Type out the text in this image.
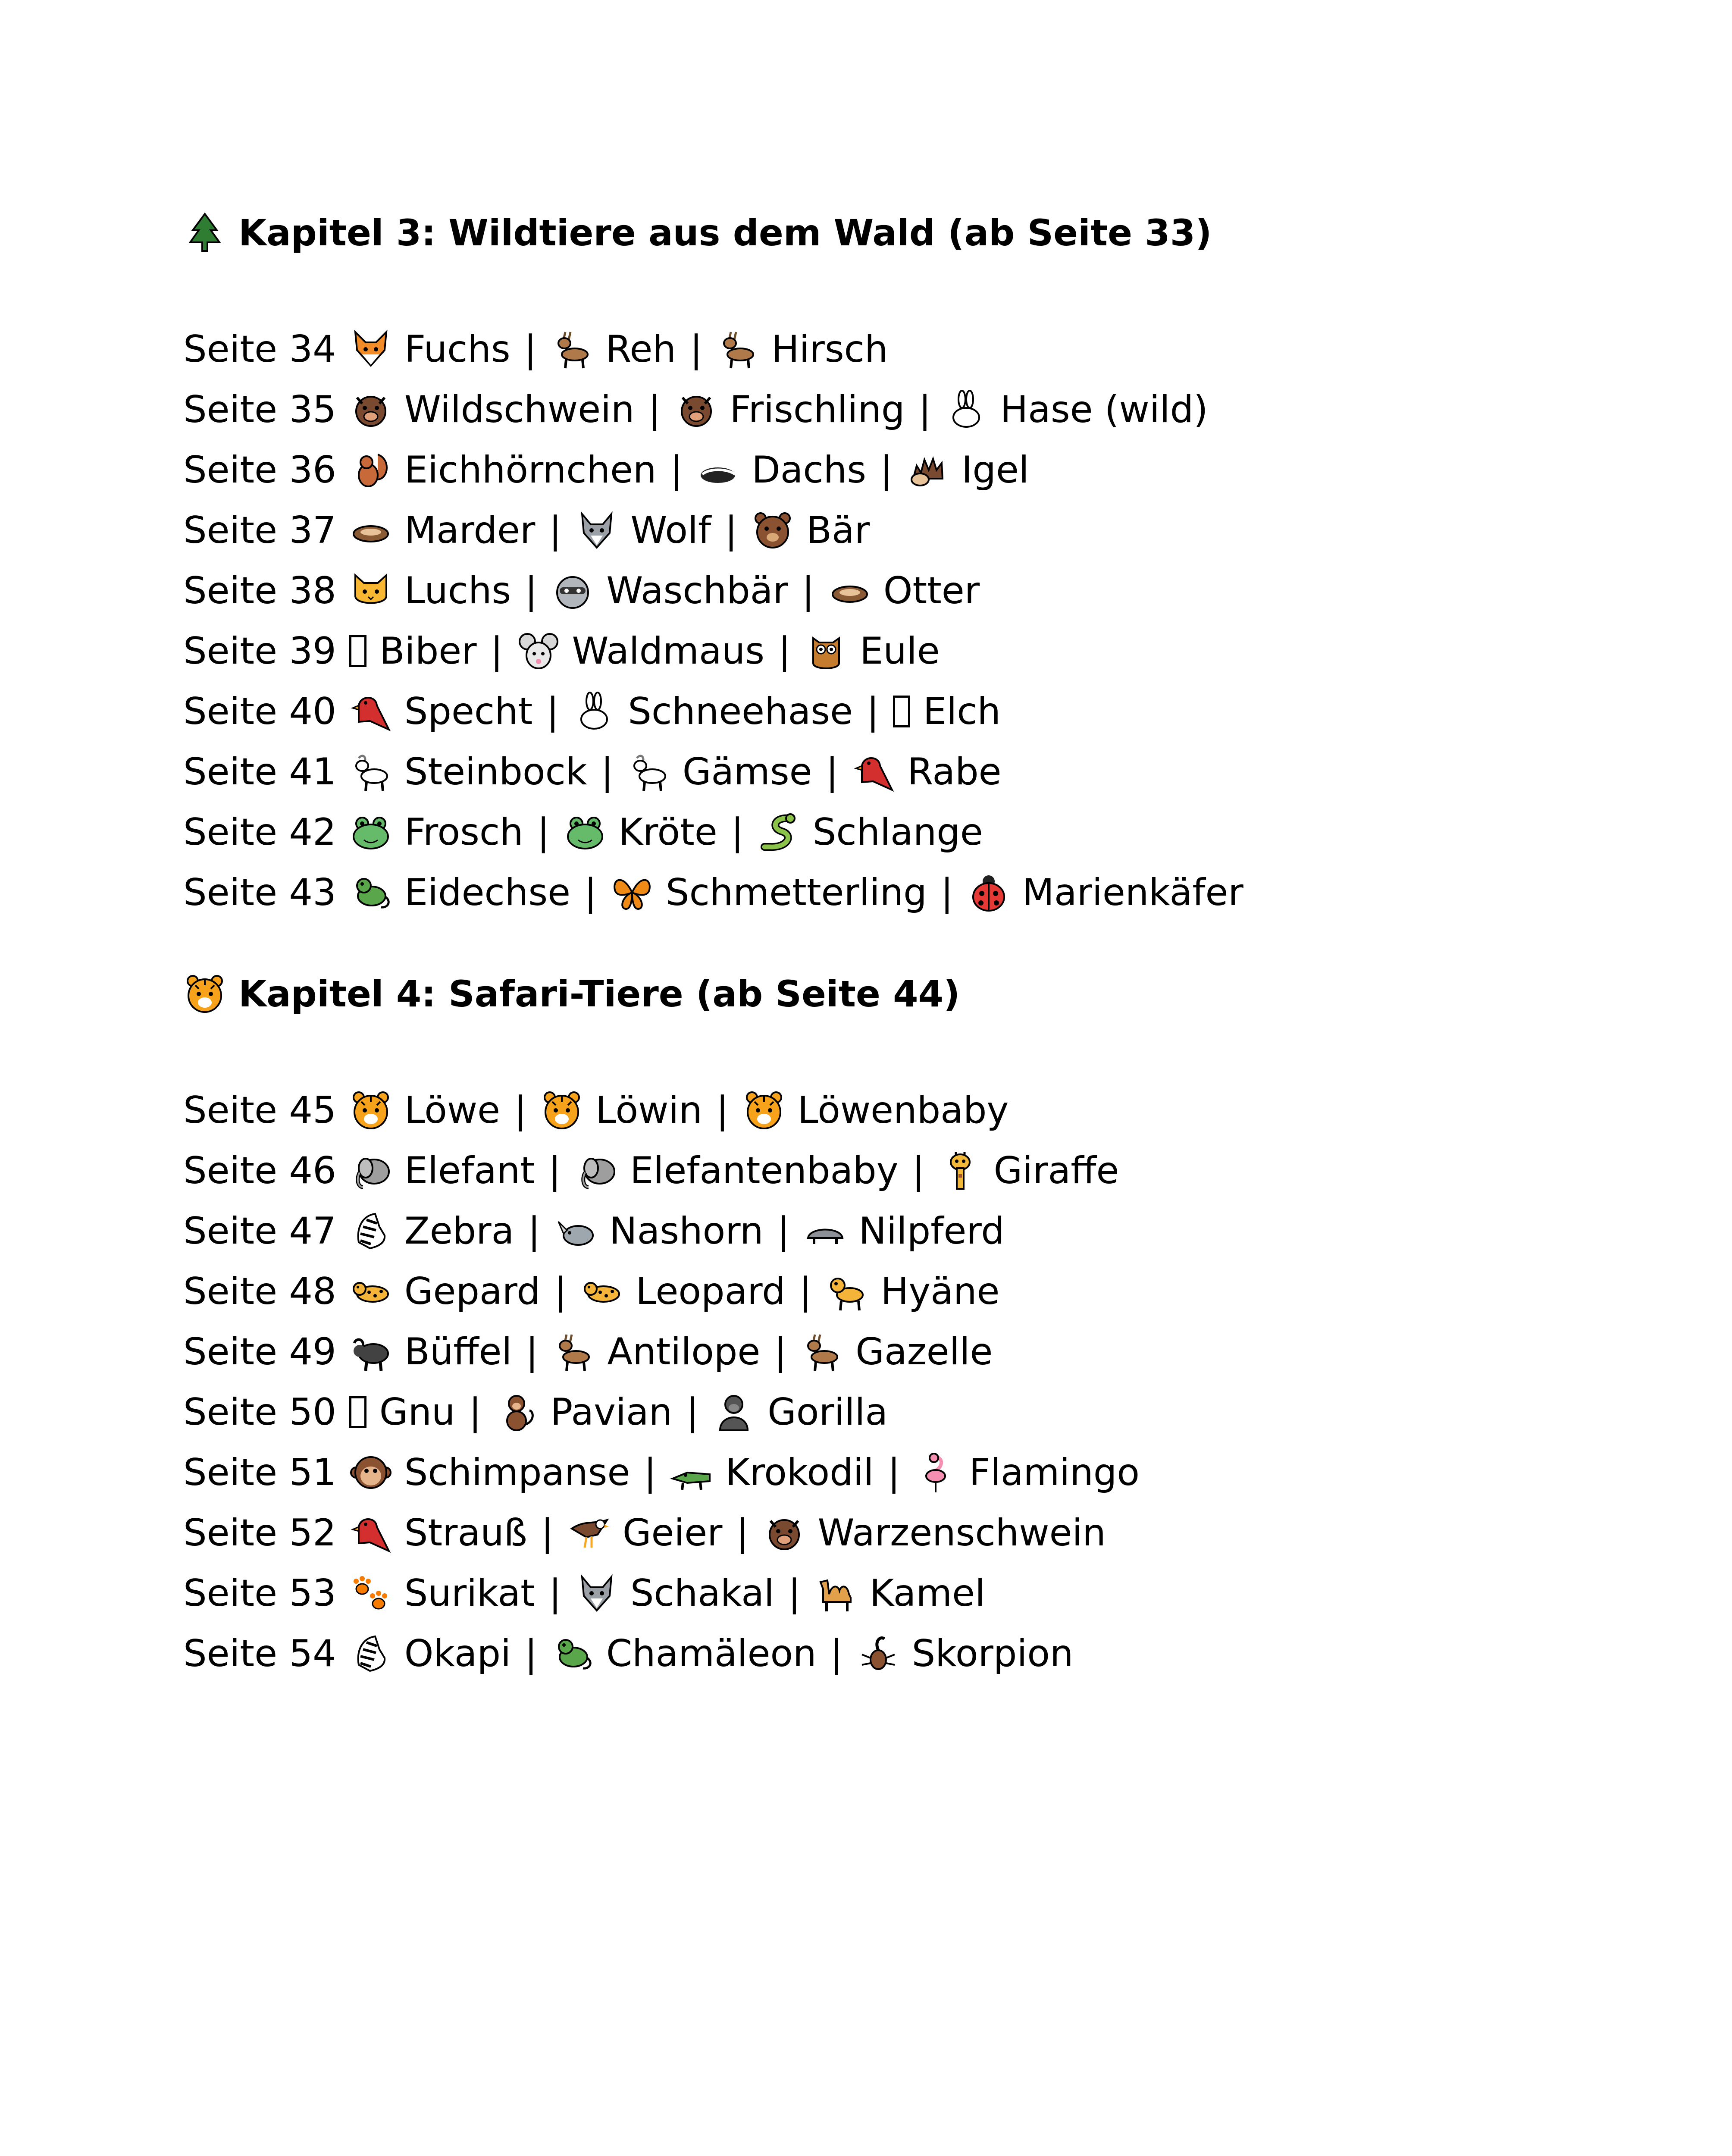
Kapitel 3: Wildtiere aus dem Wald (ab Seite 33)
Seite 34 Fuchs | Reh | Hirsch
Seite 35 Wildschwein | Frischling | Hase (wild)
Seite 36 Eichhörnchen | Dachs | Igel
Seite 37 Marder | Wolf | Bär
Seite 38 Luchs | Waschbär | Otter
Seite 39 Biber | Waldmaus | Eule
Seite 40 Specht | Schneehase | Elch
Seite 41 Steinbock | Gämse | Rabe
Seite 42 Frosch | Kröte | Schlange
Seite 43 Eidechse | Schmetterling | Marienkäfer
Kapitel 4: Safari-Tiere (ab Seite 44)
Seite 45 Löwe | Löwin | Löwenbaby
Seite 46 Elefant | Elefantenbaby | Giraffe
Seite 47 Zebra | Nashorn | Nilpferd
Seite 48 Gepard | Leopard | Hyäne
Seite 49 Büffel | Antilope | Gazelle
Seite 50 Gnu | Pavian | Gorilla
Seite 51 Schimpanse | Krokodil | Flamingo
Seite 52 Strauß | Geier | Warzenschwein
Seite 53 Surikat | Schakal | Kamel
Seite 54 Okapi | Chamäleon | Skorpion
